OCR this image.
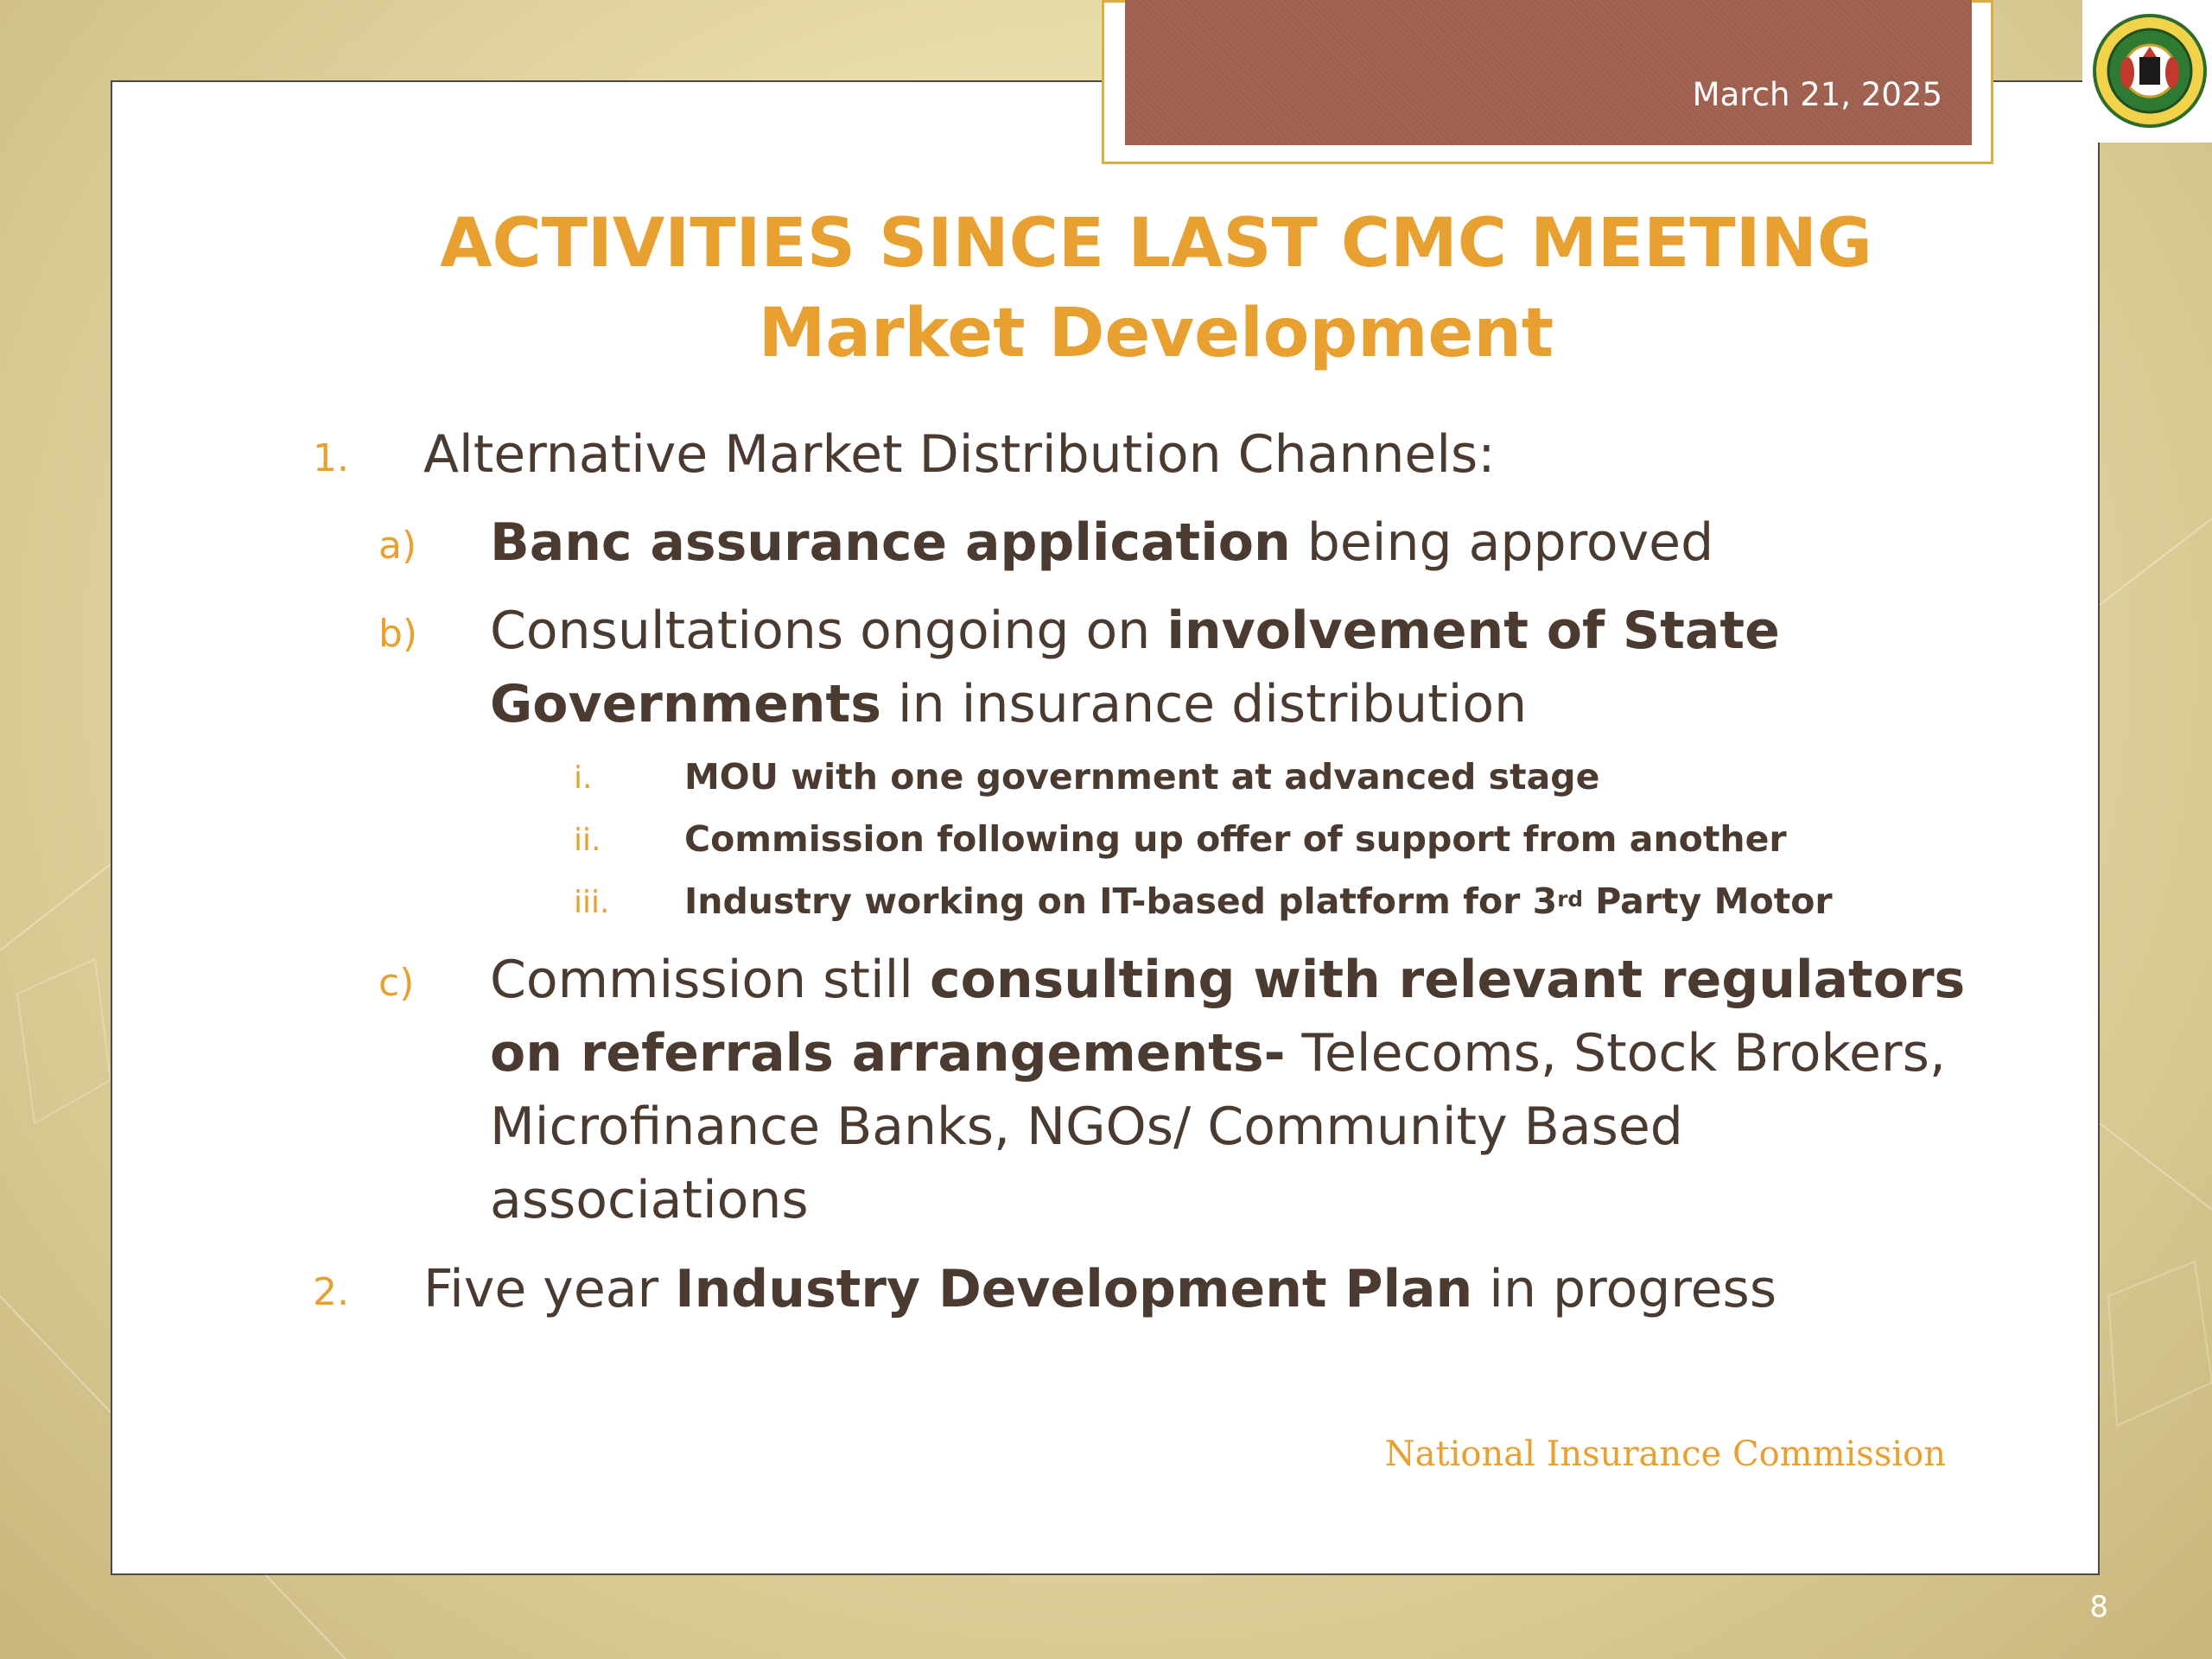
March 21, 2025
ACTIVITIES SINCE LAST CMC MEETING
Market Development
1. Alternative Market Distribution Channels:
a) Banc assurance application being approved
b) Consultations ongoing on involvement of State
Governments in insurance distribution
i.	MOU with one government at advanced stage
ii. Commission following up offer of support from another
iii. Industry working on IT-based platform for 3rd Party Motor
c) Commission still consulting with relevant regulators
on referrals arrangements- Telecoms, Stock Brokers,
Microfinance Banks, NGOs/ Community Based
associations
2. Five year Industry Development Plan in progress
National Insurance Commission
8
